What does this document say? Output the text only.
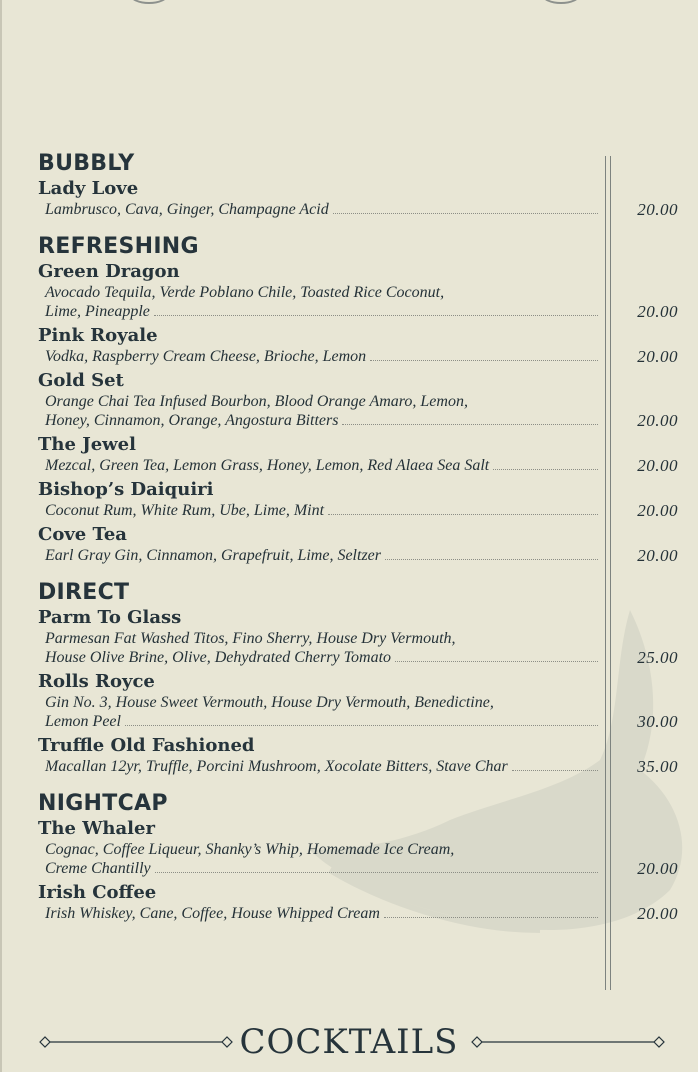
BUBBLY
Lady Love
Lambrusco, Cava, Ginger, Champagne Acid	20.00
REFRESHING
Green Dragon
Avocado Tequila, Verde Poblano Chile, Toasted Rice Coconut,
Lime, Pineapple	20.00
Pink Royale
Vodka, Raspberry Cream Cheese, Brioche, Lemon	20.00
Gold Set
Orange Chai Tea Infused Bourbon, Blood Orange Amaro, Lemon,
Honey, Cinnamon, Orange, Angostura Bitters	20.00
The Jewel
Mezcal, Green Tea, Lemon Grass, Honey, Lemon, Red Alaea Sea Salt	20.00
Bishop’s Daiquiri
Coconut Rum, White Rum, Ube, Lime, Mint	20.00
Cove Tea
Earl Gray Gin, Cinnamon, Grapefruit, Lime, Seltzer	20.00
DIRECT
Parm To Glass
Parmesan Fat Washed Titos, Fino Sherry, House Dry Vermouth,
House Olive Brine, Olive, Dehydrated Cherry Tomato	25.00
Rolls Royce
Gin No. 3, House Sweet Vermouth, House Dry Vermouth, Benedictine,
Lemon Peel	30.00
Truffle Old Fashioned
Macallan 12yr, Truffle, Porcini Mushroom, Xocolate Bitters, Stave Char	35.00
NIGHTCAP
The Whaler
Cognac, Coffee Liqueur, Shanky’s Whip, Homemade Ice Cream,
Creme Chantilly	20.00
Irish Coffee
Irish Whiskey, Cane, Coffee, House Whipped Cream	20.00
COCKTAILS
